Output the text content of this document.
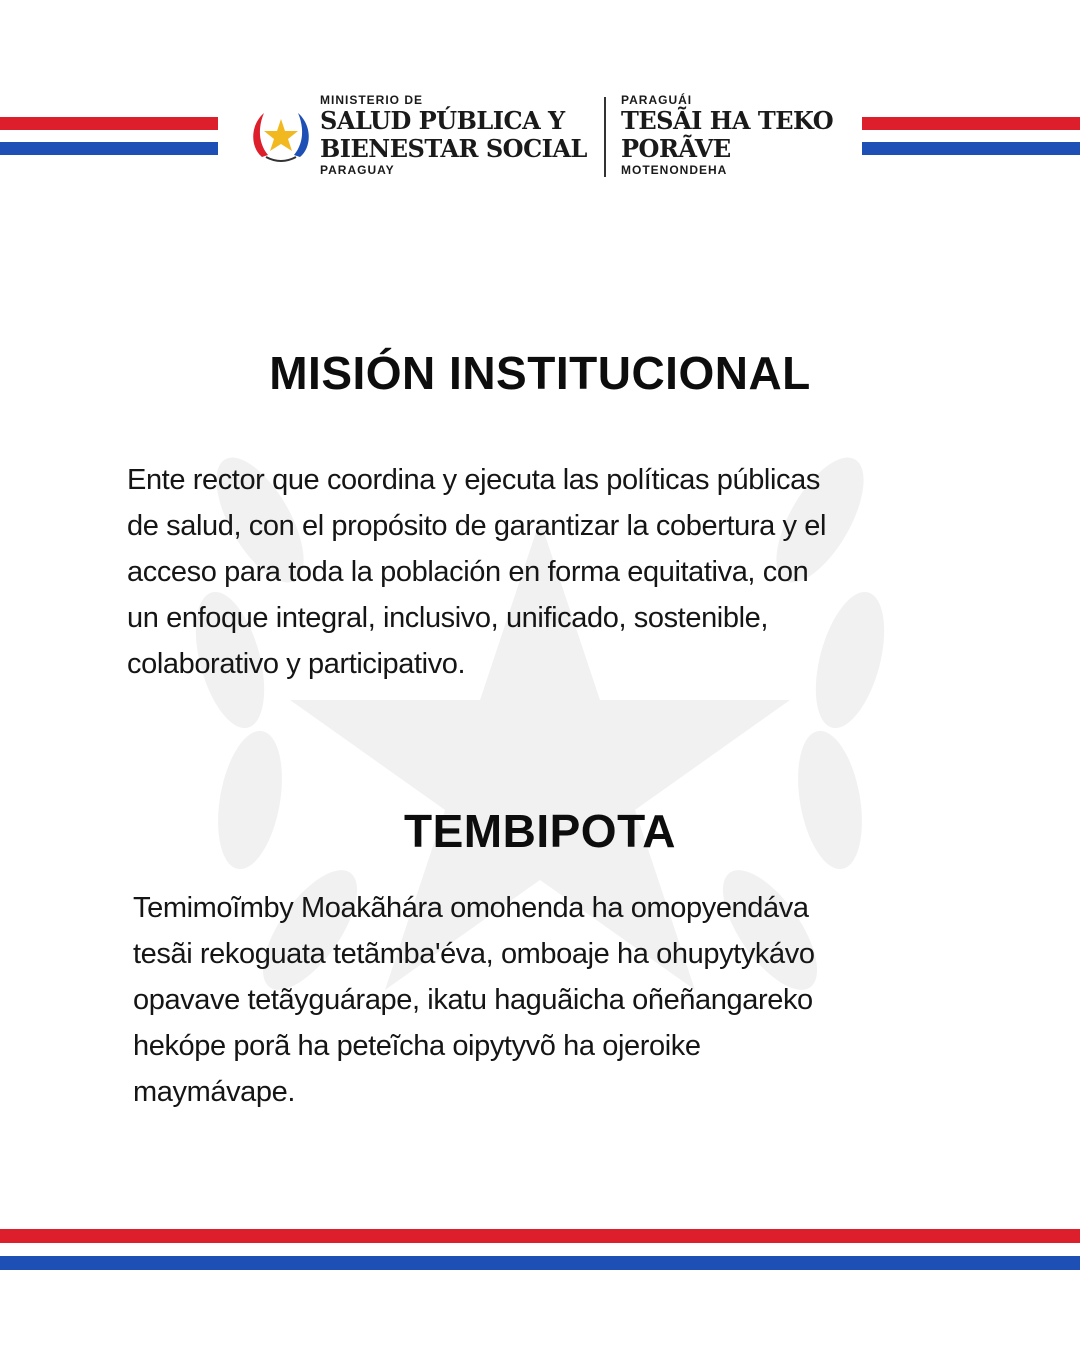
MINISTERIO DE
SALUD PÚBLICA Y
BIENESTAR SOCIAL
PARAGUAY
PARAGUÁI
TESÃI HA TEKO
PORÃVE
MOTENONDEHA
MISIÓN INSTITUCIONAL
Ente rector que coordina y ejecuta las políticas públicas
de salud, con el propósito de garantizar la cobertura y el
acceso para toda la población en forma equitativa, con
un enfoque integral, inclusivo, unificado, sostenible,
colaborativo y participativo.
TEMBIPOTA
Temimoĩmby Moakãhára omohenda ha omopyendáva
tesãi rekoguata tetãmba'éva, omboaje ha ohupytykávo
opavave tetãyguárape, ikatu haguãicha oñeñangareko
hekópe porã ha peteĩcha oipytyvõ ha ojeroike
maymávape.
